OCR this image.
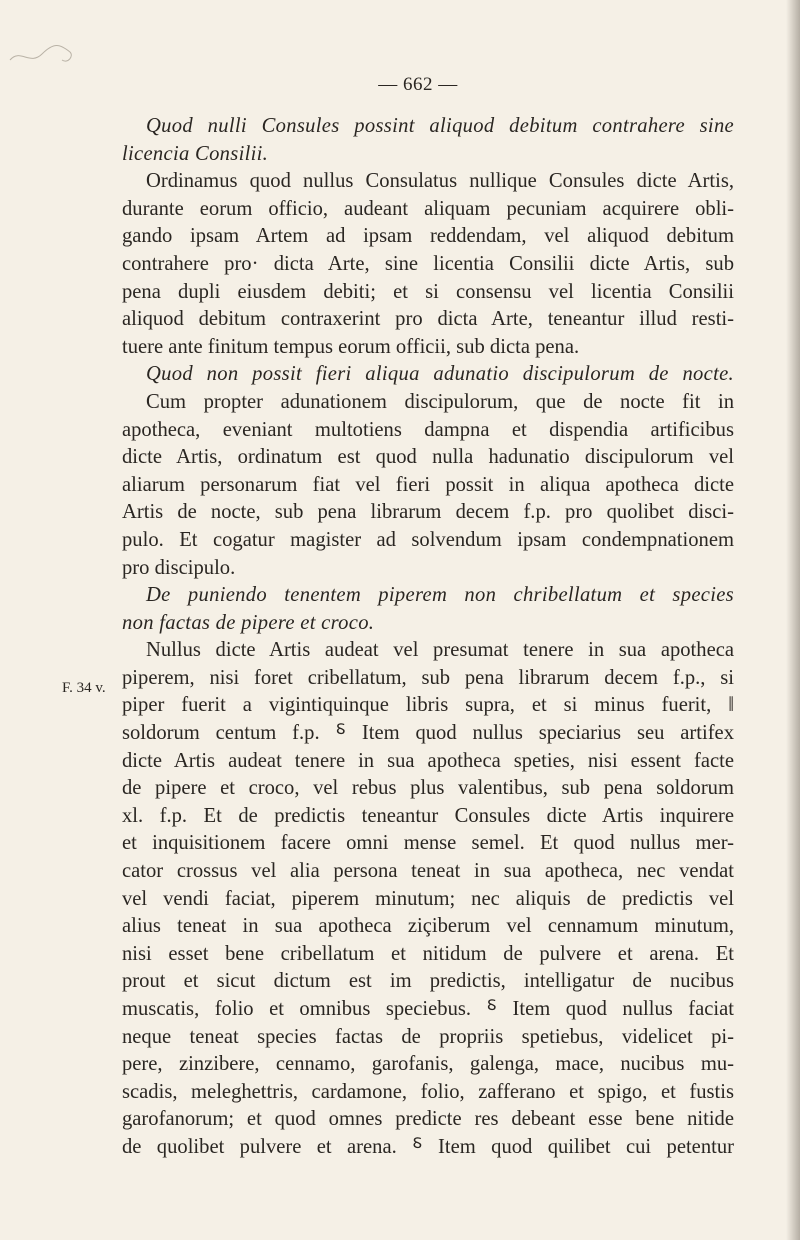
— 662 —
F. 34 v.
Quod nulli Consules possint aliquod debitum contrahere sine
licencia Consilii.
Ordinamus quod nullus Consulatus nullique Consules dicte Artis,
durante eorum officio, audeant aliquam pecuniam acquirere obli-
gando ipsam Artem ad ipsam reddendam, vel aliquod debitum
contrahere pro· dicta Arte, sine licentia Consilii dicte Artis, sub
pena dupli eiusdem debiti; et si consensu vel licentia Consilii
aliquod debitum contraxerint pro dicta Arte, teneantur illud resti-
tuere ante finitum tempus eorum officii, sub dicta pena.
Quod non possit fieri aliqua adunatio discipulorum de nocte.
Cum propter adunationem discipulorum, que de nocte fit in
apotheca, eveniant multotiens dampna et dispendia artificibus
dicte Artis, ordinatum est quod nulla hadunatio discipulorum vel
aliarum personarum fiat vel fieri possit in aliqua apotheca dicte
Artis de nocte, sub pena librarum decem f.p. pro quolibet disci-
pulo. Et cogatur magister ad solvendum ipsam condempnationem
pro discipulo.
De puniendo tenentem piperem non chribellatum et species
non factas de pipere et croco.
Nullus dicte Artis audeat vel presumat tenere in sua apotheca
piperem, nisi foret cribellatum, sub pena librarum decem f.p., si
piper fuerit a vigintiquinque libris supra, et si minus fuerit, ‖
soldorum centum f.p. ⸹ Item quod nullus speciarius seu artifex
dicte Artis audeat tenere in sua apotheca speties, nisi essent facte
de pipere et croco, vel rebus plus valentibus, sub pena soldorum
xl. f.p. Et de predictis teneantur Consules dicte Artis inquirere
et inquisitionem facere omni mense semel. Et quod nullus mer-
cator crossus vel alia persona teneat in sua apotheca, nec vendat
vel vendi faciat, piperem minutum; nec aliquis de predictis vel
alius teneat in sua apotheca ziçiberum vel cennamum minutum,
nisi esset bene cribellatum et nitidum de pulvere et arena. Et
prout et sicut dictum est im predictis, intelligatur de nucibus
muscatis, folio et omnibus speciebus. ⸹ Item quod nullus faciat
neque teneat species factas de propriis spetiebus, videlicet pi-
pere, zinzibere, cennamo, garofanis, galenga, mace, nucibus mu-
scadis, meleghettris, cardamone, folio, zafferano et spigo, et fustis
garofanorum; et quod omnes predicte res debeant esse bene nitide
de quolibet pulvere et arena. ⸹ Item quod quilibet cui petentur
